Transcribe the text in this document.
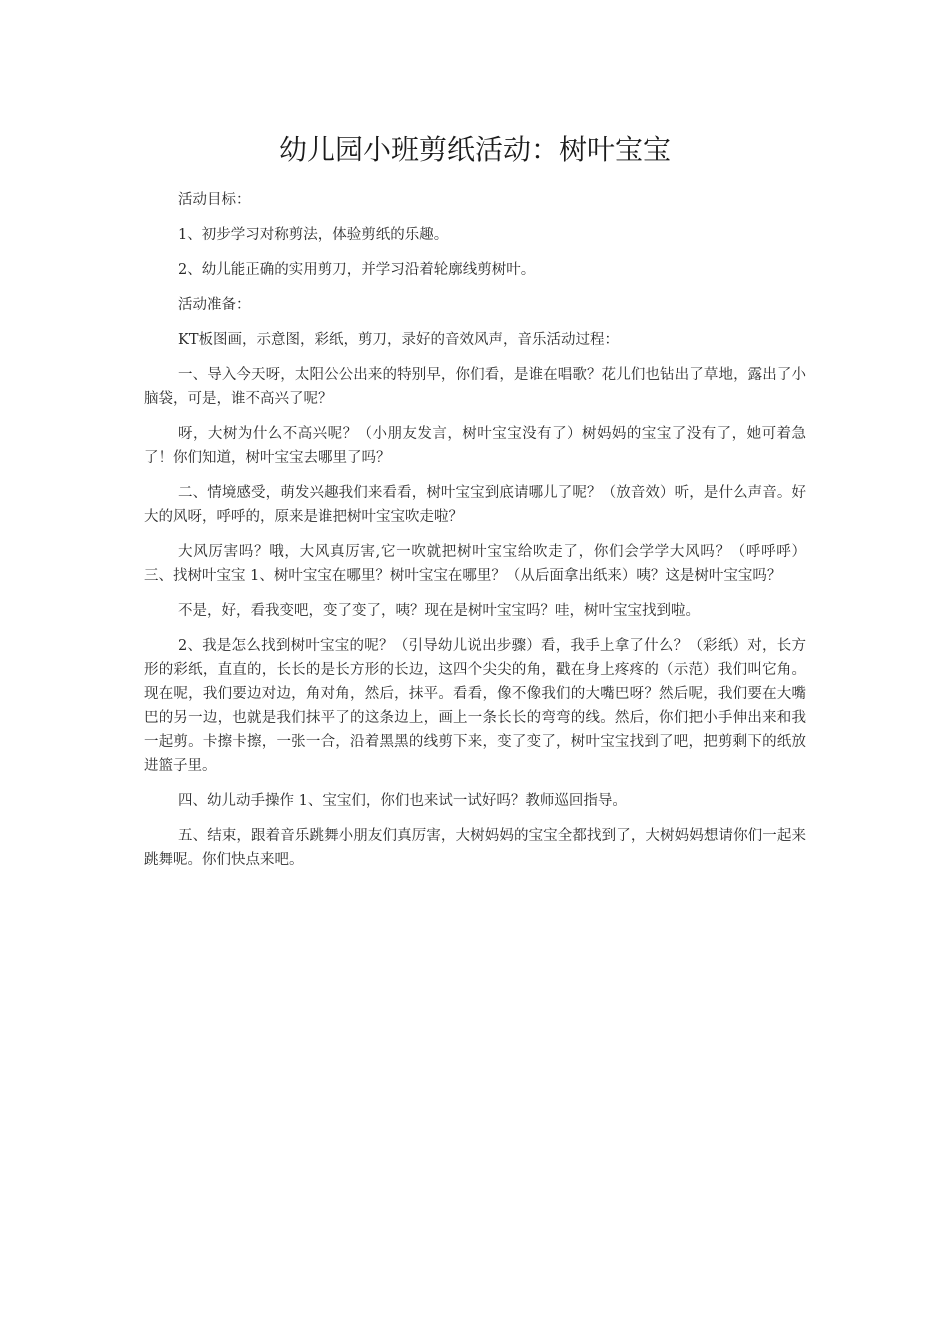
幼儿园小班剪纸活动：树叶宝宝

活动目标：

1、初步学习对称剪法，体验剪纸的乐趣。

2、幼儿能正确的实用剪刀，并学习沿着轮廓线剪树叶。

活动准备：

KT板图画，示意图，彩纸，剪刀，录好的音效风声，音乐活动过程：

一、导入今天呀，太阳公公出来的特别早，你们看，是谁在唱歌？花儿们也钻出了草地，露出了小脑袋，可是，谁不高兴了呢？

呀，大树为什么不高兴呢？（小朋友发言，树叶宝宝没有了）树妈妈的宝宝了没有了，她可着急了！你们知道，树叶宝宝去哪里了吗？

二、情境感受，萌发兴趣我们来看看，树叶宝宝到底请哪儿了呢？（放音效）听，是什么声音。好大的风呀，呼呼的，原来是谁把树叶宝宝吹走啦？

大风厉害吗？哦，大风真厉害,它一吹就把树叶宝宝给吹走了，你们会学学大风吗？（呼呼呼）三、找树叶宝宝 1、树叶宝宝在哪里？树叶宝宝在哪里？（从后面拿出纸来）咦？这是树叶宝宝吗？

不是，好，看我变吧，变了变了，咦？现在是树叶宝宝吗？哇，树叶宝宝找到啦。

2、我是怎么找到树叶宝宝的呢？（引导幼儿说出步骤）看，我手上拿了什么？（彩纸）对，长方形的彩纸，直直的，长长的是长方形的长边，这四个尖尖的角，戳在身上疼疼的（示范）我们叫它角。现在呢，我们要边对边，角对角，然后，抹平。看看，像不像我们的大嘴巴呀？然后呢，我们要在大嘴巴的另一边，也就是我们抹平了的这条边上，画上一条长长的弯弯的线。然后，你们把小手伸出来和我一起剪。卡擦卡擦，一张一合，沿着黑黑的线剪下来，变了变了，树叶宝宝找到了吧，把剪剩下的纸放进篮子里。

四、幼儿动手操作 1、宝宝们，你们也来试一试好吗？教师巡回指导。

五、结束，跟着音乐跳舞小朋友们真厉害，大树妈妈的宝宝全都找到了，大树妈妈想请你们一起来跳舞呢。你们快点来吧。
